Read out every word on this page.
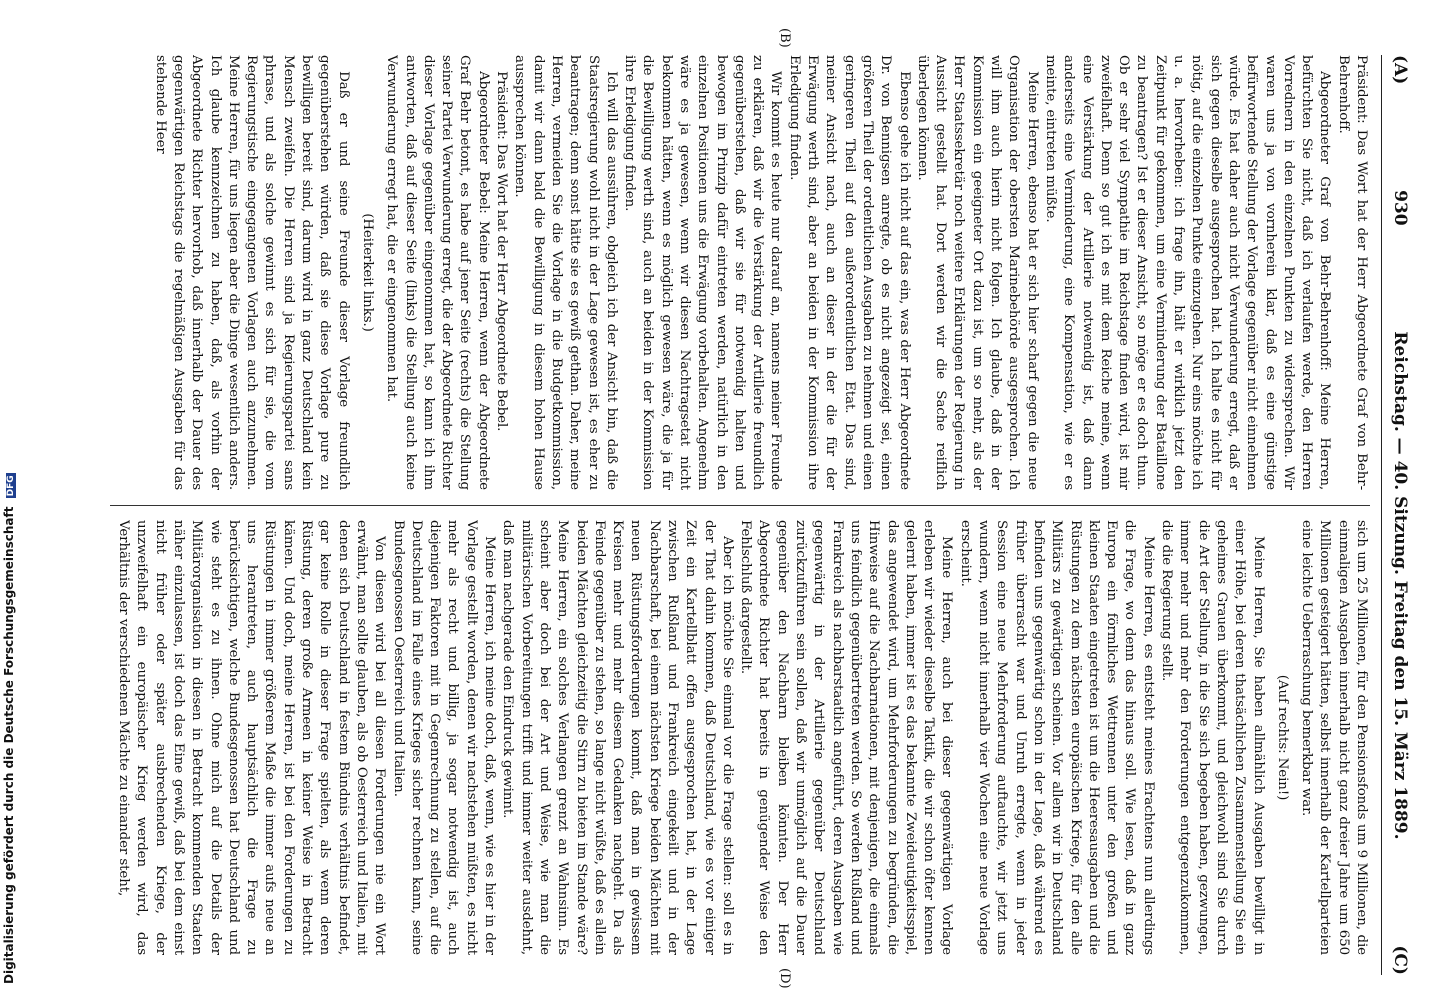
(A)
930
Reichstag. — 40. Sitzung. Freitag den 15. März 1889.
(C)

Präsident: Das Wort hat der Herr Abgeordnete Graf von Behr-Behrenhoff.

Abgeordneter Graf von Behr-Behrenhoff: Meine Herren, befürchten Sie nicht, daß ich verlaufen werde, den Herren Vorrednern in den einzelnen Punkten zu widersprechen. Wir waren uns ja von vornherein klar, daß es eine günstige befürwortende Stellung der Vorlage gegenüber nicht einnehmen würde. Es hat daher auch nicht Verwunderung erregt, daß er sich gegen dieselbe ausgesprochen hat. Ich halte es nicht für nötig, auf die einzelnen Punkte einzugehen. Nur eins möchte ich u. a. hervorheben: ich frage ihn, hält er wirklich jetzt den Zeitpunkt für gekommen, um eine Verminderung der Bataillone zu beantragen? Ist er dieser Ansicht, so möge er es doch thun. Ob er sehr viel Sympathie im Reichstage finden wird, ist mir zweifelhaft. Denn so gut ich es mit dem Reiche meine, wenn eine Verstärkung der Artillerie notwendig ist, daß dann anderseits eine Verminderung, eine Kompensation, wie er es meinte, eintreten müßte.

Meine Herren, ebenso hat er sich hier scharf gegen die neue Organisation der obersten Marinebehörde ausgesprochen. Ich will ihm auch hierin nicht folgen. Ich glaube, daß in der Kommission ein geeigneter Ort dazu ist, um so mehr, als der Herr Staatssekretär noch weitere Erklärungen der Regierung in Aussicht gestellt hat. Dort werden wir die Sache reiflich überlegen können.

Ebenso gehe ich nicht auf das ein, was der Herr Abgeordnete Dr. von Bennigsen anregte, ob es nicht angezeigt sei, einen größeren Theil der ordentlichen Ausgaben zu nehmen und einen geringeren Theil auf den außerordentlichen Etat. Das sind, meiner Ansicht nach, auch an dieser in der die für der Erwägung werth sind, aber an beiden in der Kommission ihre Erledigung finden.

Wir kommt es heute nur darauf an, namens meiner Freunde zu erklären, daß wir die Verstärkung der Artillerie freundlich gegenüberstehen, daß wir sie für notwendig halten und bewogen im Prinzip dafür eintreten werden, natürlich in den einzelnen Positionen uns die Erwägung vorbehalten. Angenehm wäre es ja gewesen, wenn wir diesen Nachtragsetat nicht bekommen hätten, wenn es möglich gewesen wäre, die ja für die Bewilligung werth sind, auch an beiden in der Kommission ihre Erledigung finden.

Ich will das aussühren, obgleich ich der Ansicht bin, daß die Staatsregierung wohl nicht in der Lage gewesen ist, es eher zu beantragen; denn sonst hätte sie es gewiß gethan. Daher, meine Herren, vermeiden Sie die Vorlage in die Budgetkommission, damit wir dann bald die Bewilligung in diesem hohen Hause aussprechen können.

Präsident: Das Wort hat der Herr Abgeordnete Bebel.

Abgeordneter Bebel: Meine Herren, wenn der Abgeordnete Graf Behr betont, es habe auf jener Seite (rechts) die Stellung seiner Partei Verwunderung erregt, die der Abgeordnete Richter dieser Vorlage gegenüber eingenommen hat, so kann ich ihm antworten, daß auf dieser Seite (links) die Stellung auch keine Verwunderung erregt hat, die er eingenommen hat.

(Heiterkeit links.)

Daß er und seine Freunde dieser Vorlage freundlich gegenüberstehen würden, daß sie diese Vorlage pure zu bewilligen bereit sind, darum wird in ganz Deutschland kein Mensch zweifeln. Die Herren sind ja Regierungspartei sans phrase, und als solche gewinnt es sich für sie, die vom Regierungstische eingegangenen Vorlagen auch anzunehmen. Meine Herren, für uns liegen aber die Dinge wesentlich anders. Ich glaube kennzeichnen zu haben, daß, als vorhin der Abgeordnete Richter hervorhob, daß innerhalb der Dauer des gegenwärtigen Reichstags die regelmäßigen Ausgaben für das stehende Heer

(B)
(D)

sich um 25 Millionen, für den Pensionsfonds um 9 Millionen, die einmaligen Ausgaben innerhalb nicht ganz dreier Jahre um 650 Millionen gesteigert hätten, selbst innerhalb der Kartellparteien eine leichte Ueberraschung bemerkbar war.

(Auf rechts: Nein!)

Meine Herren, Sie haben allmählich Ausgaben bewilligt in einer Höhe, bei deren thatsächlichen Zusammenstellung Sie ein geheimes Grauen überkommt, und gleichwohl sind Sie durch die Art der Stellung, in die Sie sich begeben haben, gezwungen, immer mehr und mehr den Forderungen entgegenzukommen, die die Regierung stellt.

Meine Herren, es entsteht meines Erachtens nun allerdings die Frage, wo denn das hinaus soll. Wie lesen, daß in ganz Europa ein förmliches Wettrennen unter den großen und kleinen Staaten eingetreten ist um die Heeresausgaben und die Rüstungen zu dem nächsten europäischen Kriege, für den alle Militärs zu gewärtigen scheinen. Vor allem wir in Deutschland befinden uns gegenwärtig schon in der Lage, daß während es früher überrascht war und Unruh erregte, wenn in jeder Session eine neue Mehrforderung auftauchte, wir jetzt uns wundern, wenn nicht innerhalb vier Wochen eine neue Vorlage erscheint.

Meine Herren, auch bei dieser gegenwärtigen Vorlage erleben wir wieder dieselbe Taktik, die wir schon öfter kennen gelernt haben, immer ist es das bekannte Zweideutigkeitsspiel, das angewendet wird, um Mehrforderungen zu begründen, die Hinweise auf die Nachbarnationen, mit denjenigen, die einmals uns feindlich gegenübertreten werden. So werden Rußland und Frankreich als nachbarstaatlich angeführt, deren Ausgaben wie gegenwärtig in der Artillerie gegenüber Deutschland zurückzuführen sein sollen, daß wir unmöglich auf die Dauer gegenüber den Nachbarn bleiben könnten. Der Herr Abgeordnete Richter hat bereits in genügender Weise den Fehlschluß dargestellt.

Aber ich möchte Sie einmal vor die Frage stellen: soll es in der That dahin kommen, daß Deutschland, wie es vor einiger Zeit ein Kartellblatt offen ausgesprochen hat, in der Lage zwischen Rußland und Frankreich eingekeilt und in der Nachbarschaft, bei einem nächsten Kriege beiden Mächten mit neuen Rüstungsforderungen kommt, daß man in gewissem Kreisen mehr und mehr diesem Gedanken nachgeht. Da als Feinde gegenüber zu stehen, so lange nicht wüßte, daß es allein beiden Mächten gleichzeitig die Stirn zu bieten im Stande wäre? Meine Herren, ein solches Verlangen grenzt an Wahnsinn. Es scheint aber doch bei der Art und Weise, wie man die militärischen Vorbereitungen trifft und immer weiter ausdehnt, daß man nachgerade den Eindruck gewinnt.

Meine Herren, ich meine doch, daß, wenn, wie es hier in der Vorlage gestellt worden, denen wir nachstehen müßten, es nicht mehr als recht und billig, ja sogar notwendig ist, auch diejenigen Faktoren mit in Gegenrechnung zu stellen, auf die Deutschland im Falle eines Krieges sicher rechnen kann, seine Bundesgenossen Oesterreich und Italien.

Von diesen wird bei all diesen Forderungen nie ein Wort erwähnt, man sollte glauben, als ob Oesterreich und Italien, mit denen sich Deutschland in festem Bündnis verhältnis befindet, gar keine Rolle in dieser Frage spielten, als wenn deren Rüstung, deren große Armeen in keiner Weise in Betracht kämen. Und doch, meine Herren, ist bei den Forderungen zu Rüstungen in immer größerem Maße die immer aufs neue an uns herantreten, auch hauptsächlich die Frage zu berücksichtigen, welche Bundesgenossen hat Deutschland und wie steht es zu ihnen. Ohne mich auf die Details der Militärorganisation in diesen in Betracht kommenden Staaten näher einzulassen, ist doch das Eine gewiß, daß bei dem einst nicht früher oder später ausbrechenden Kriege, der unzweifelhaft ein europäischer Krieg werden wird, das Verhältnis der verschiedenen Mächte zu einander steht,

Digitalisierung gefördert durch die Deutsche Forschungsgemeinschaft DFG
